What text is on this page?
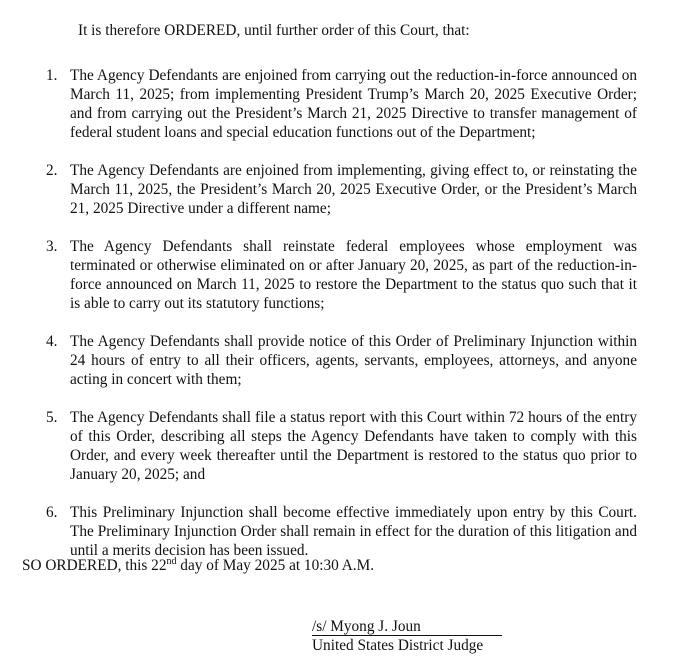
It is therefore ORDERED, until further order of this Court, that:

1. The Agency Defendants are enjoined from carrying out the reduction-in-force announced on March 11, 2025; from implementing President Trump’s March 20, 2025 Executive Order; and from carrying out the President’s March 21, 2025 Directive to transfer management of federal student loans and special education functions out of the Department;
2. The Agency Defendants are enjoined from implementing, giving effect to, or reinstating the March 11, 2025, the President’s March 20, 2025 Executive Order, or the President’s March 21, 2025 Directive under a different name;
3. The Agency Defendants shall reinstate federal employees whose employment was terminated or otherwise eliminated on or after January 20, 2025, as part of the reduction-in-force announced on March 11, 2025 to restore the Department to the status quo such that it is able to carry out its statutory functions;
4. The Agency Defendants shall provide notice of this Order of Preliminary Injunction within 24 hours of entry to all their officers, agents, servants, employees, attorneys, and anyone acting in concert with them;
5. The Agency Defendants shall file a status report with this Court within 72 hours of the entry of this Order, describing all steps the Agency Defendants have taken to comply with this Order, and every week thereafter until the Department is restored to the status quo prior to January 20, 2025; and
6. This Preliminary Injunction shall become effective immediately upon entry by this Court. The Preliminary Injunction Order shall remain in effect for the duration of this litigation and until a merits decision has been issued.

SO ORDERED, this 22nd day of May 2025 at 10:30 A.M.

/s/ Myong J. Joun
United States District Judge
